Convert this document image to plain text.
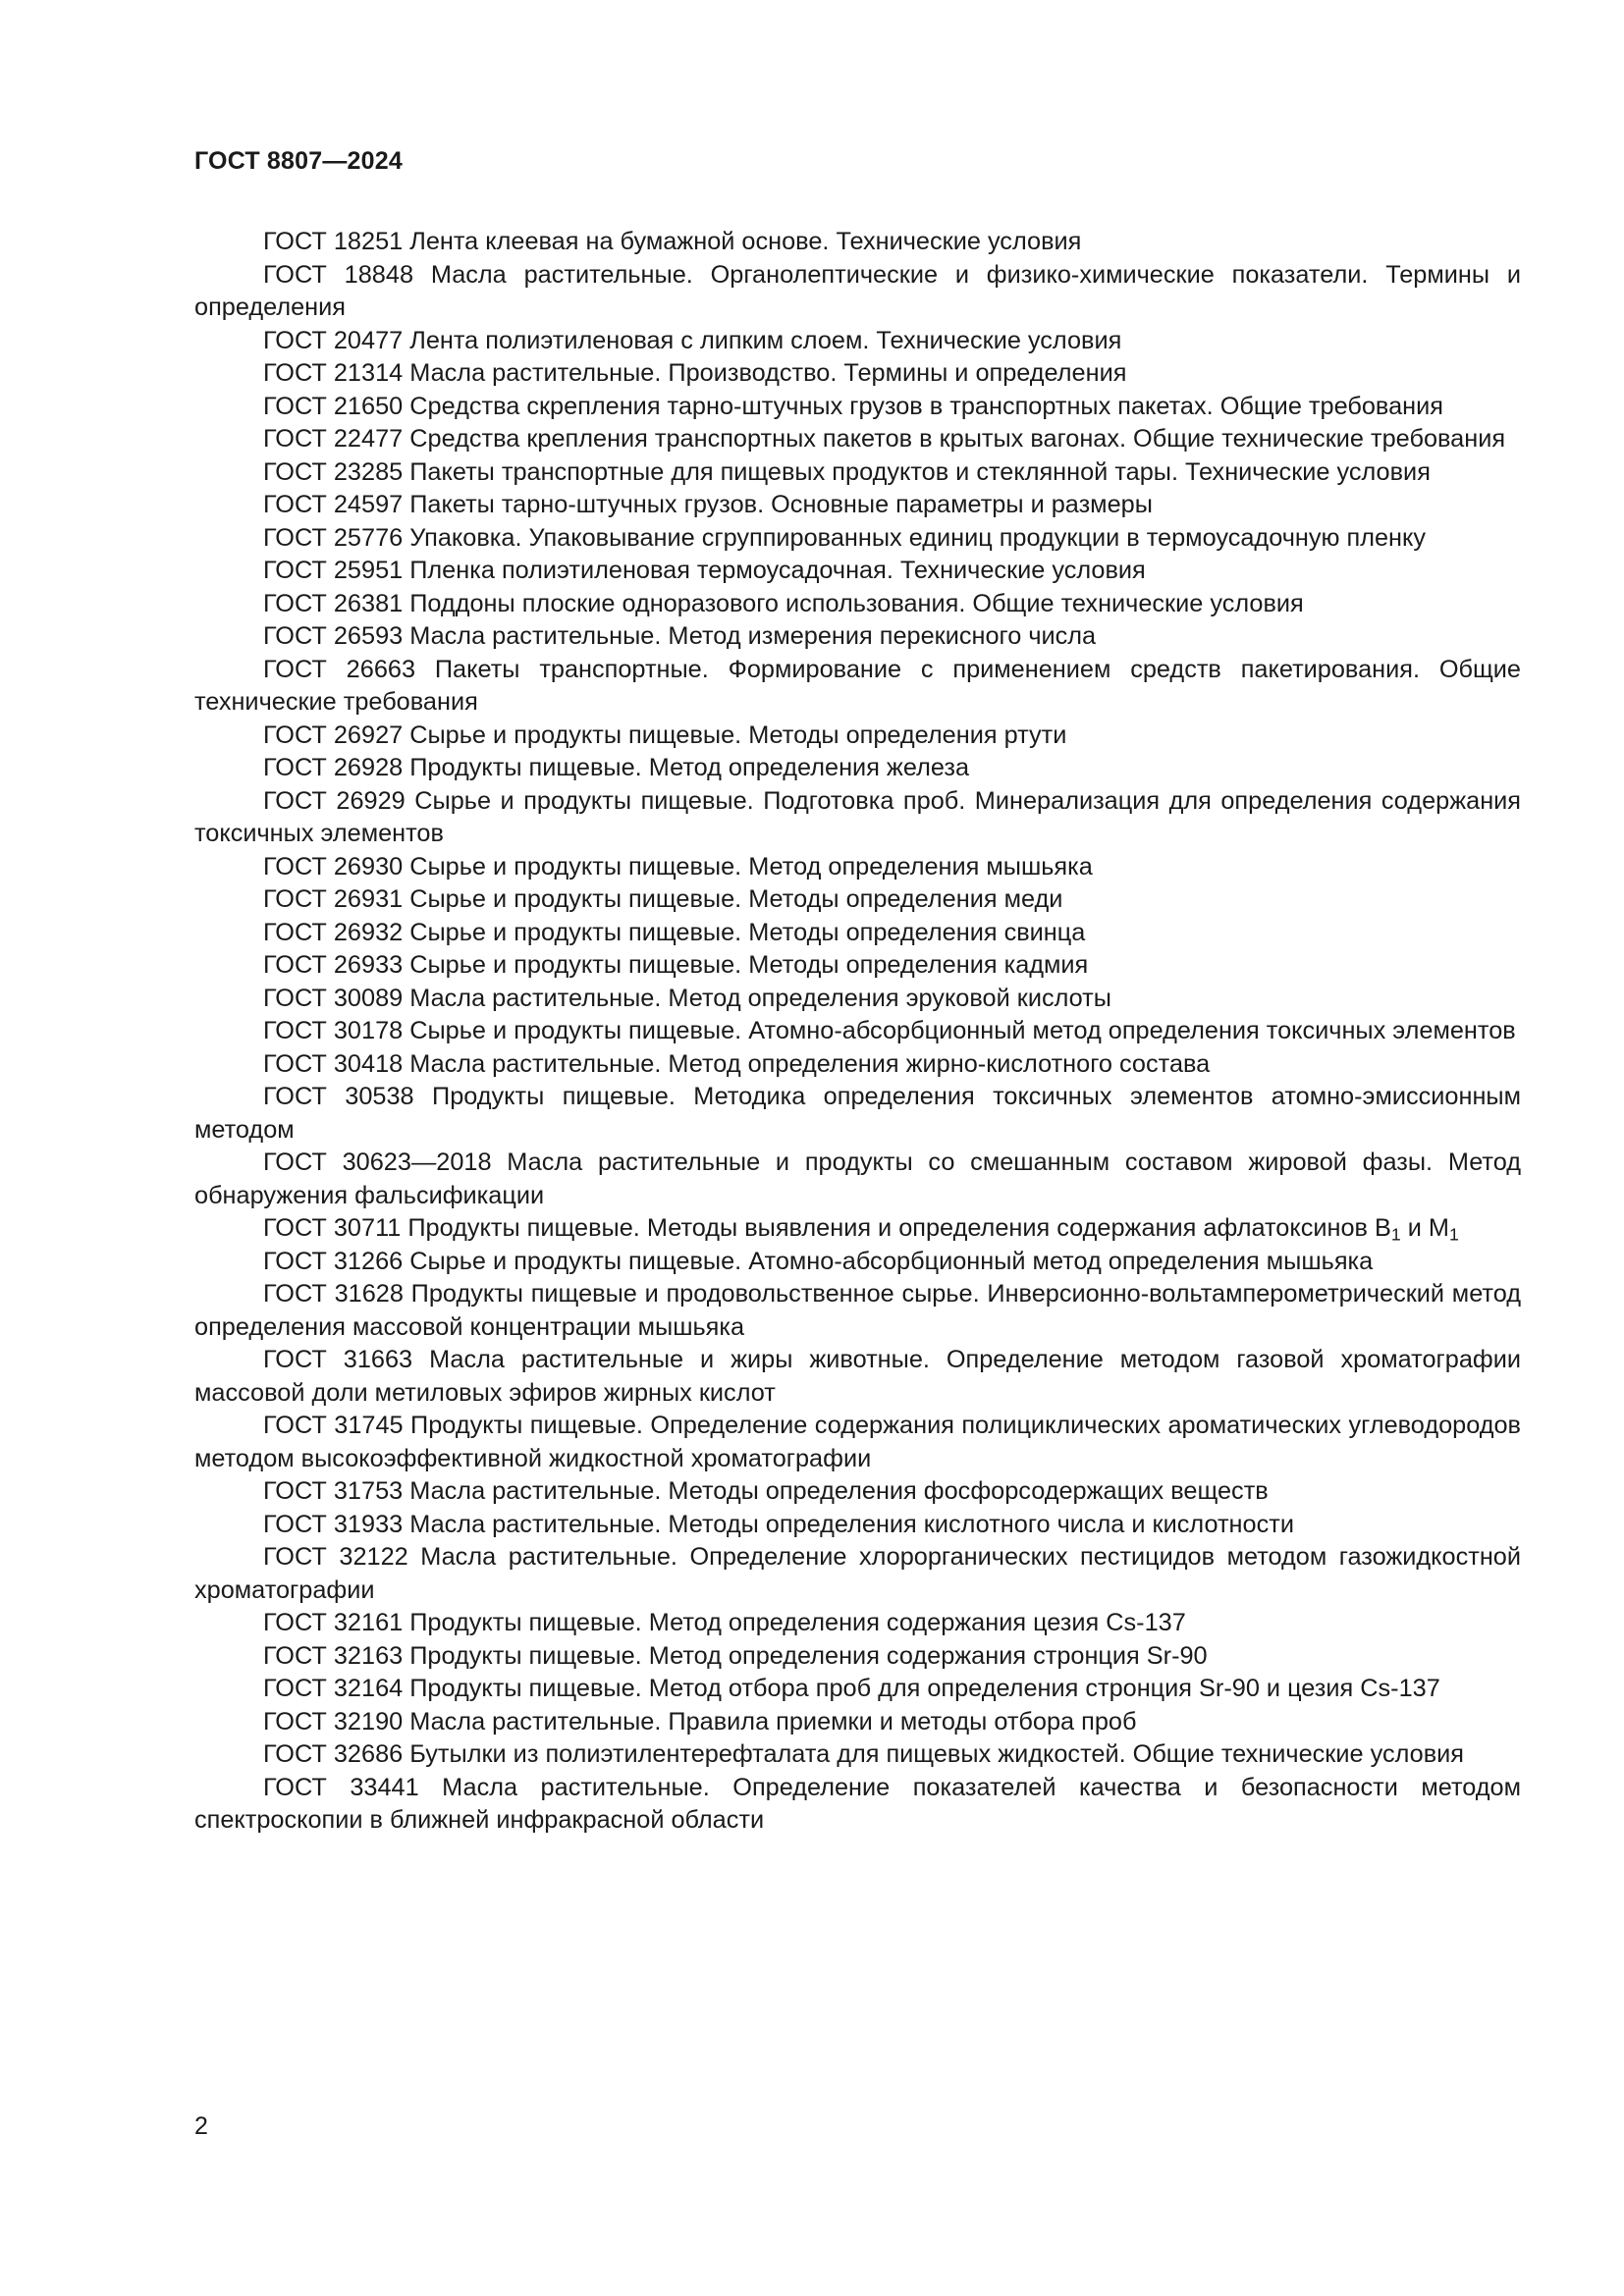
ГОСТ 8807—2024

ГОСТ 18251 Лента клеевая на бумажной основе. Технические условия

ГОСТ 18848 Масла растительные. Органолептические и физико-химические показатели. Термины и определения

ГОСТ 20477 Лента полиэтиленовая с липким слоем. Технические условия

ГОСТ 21314 Масла растительные. Производство. Термины и определения

ГОСТ 21650 Средства скрепления тарно-штучных грузов в транспортных пакетах. Общие требования

ГОСТ 22477 Средства крепления транспортных пакетов в крытых вагонах. Общие технические требования

ГОСТ 23285 Пакеты транспортные для пищевых продуктов и стеклянной тары. Технические условия

ГОСТ 24597 Пакеты тарно-штучных грузов. Основные параметры и размеры

ГОСТ 25776 Упаковка. Упаковывание сгруппированных единиц продукции в термоусадочную пленку

ГОСТ 25951 Пленка полиэтиленовая термоусадочная. Технические условия

ГОСТ 26381 Поддоны плоские одноразового использования. Общие технические условия

ГОСТ 26593 Масла растительные. Метод измерения перекисного числа

ГОСТ 26663 Пакеты транспортные. Формирование с применением средств пакетирования. Общие технические требования

ГОСТ 26927 Сырье и продукты пищевые. Методы определения ртути

ГОСТ 26928 Продукты пищевые. Метод определения железа

ГОСТ 26929 Сырье и продукты пищевые. Подготовка проб. Минерализация для определения содержания токсичных элементов

ГОСТ 26930 Сырье и продукты пищевые. Метод определения мышьяка

ГОСТ 26931 Сырье и продукты пищевые. Методы определения меди

ГОСТ 26932 Сырье и продукты пищевые. Методы определения свинца

ГОСТ 26933 Сырье и продукты пищевые. Методы определения кадмия

ГОСТ 30089 Масла растительные. Метод определения эруковой кислоты

ГОСТ 30178 Сырье и продукты пищевые. Атомно-абсорбционный метод определения токсичных элементов

ГОСТ 30418 Масла растительные. Метод определения жирно-кислотного состава

ГОСТ 30538 Продукты пищевые. Методика определения токсичных элементов атомно-эмиссионным методом

ГОСТ 30623—2018 Масла растительные и продукты со смешанным составом жировой фазы. Метод обнаружения фальсификации

ГОСТ 30711 Продукты пищевые. Методы выявления и определения содержания афлатоксинов $B_1$ и $M_1$

ГОСТ 31266 Сырье и продукты пищевые. Атомно-абсорбционный метод определения мышьяка

ГОСТ 31628 Продукты пищевые и продовольственное сырье. Инверсионно-вольтамперометрический метод определения массовой концентрации мышьяка

ГОСТ 31663 Масла растительные и жиры животные. Определение методом газовой хроматографии массовой доли метиловых эфиров жирных кислот

ГОСТ 31745 Продукты пищевые. Определение содержания полициклических ароматических углеводородов методом высокоэффективной жидкостной хроматографии

ГОСТ 31753 Масла растительные. Методы определения фосфорсодержащих веществ

ГОСТ 31933 Масла растительные. Методы определения кислотного числа и кислотности

ГОСТ 32122 Масла растительные. Определение хлорорганических пестицидов методом газожидкостной хроматографии

ГОСТ 32161 Продукты пищевые. Метод определения содержания цезия Cs-137

ГОСТ 32163 Продукты пищевые. Метод определения содержания стронция Sr-90

ГОСТ 32164 Продукты пищевые. Метод отбора проб для определения стронция Sr-90 и цезия Cs-137

ГОСТ 32190 Масла растительные. Правила приемки и методы отбора проб

ГОСТ 32686 Бутылки из полиэтилентерефталата для пищевых жидкостей. Общие технические условия

ГОСТ 33441 Масла растительные. Определение показателей качества и безопасности методом спектроскопии в ближней инфракрасной области

2
